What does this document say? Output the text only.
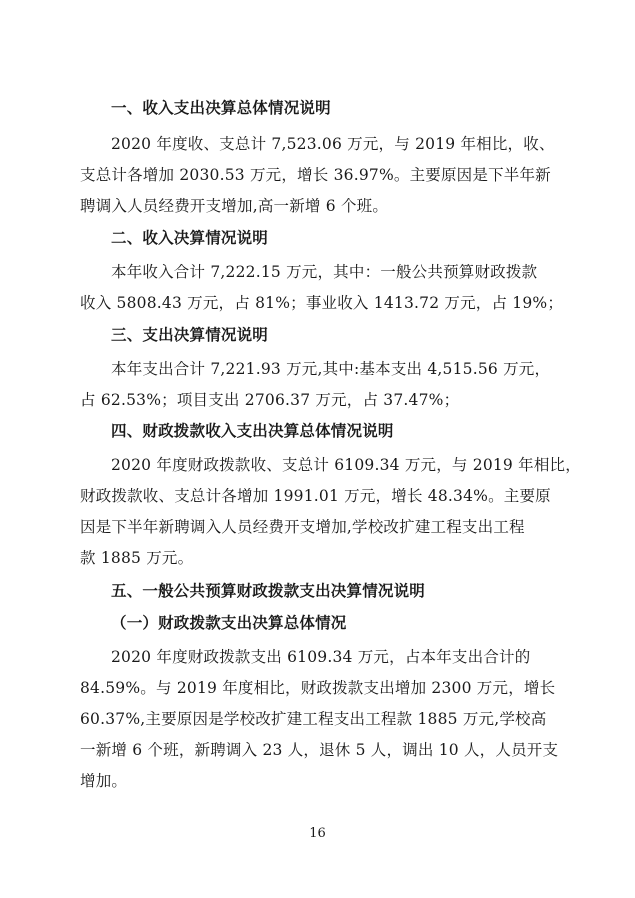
一、收入支出决算总体情况说明
2020 年度收、支总计 7,523.06 万元，与 2019 年相比，收、
支总计各增加 2030.53 万元，增长 36.97%。主要原因是下半年新
聘调入人员经费开支增加,高一新增 6 个班。
二、收入决算情况说明
本年收入合计 7,222.15 万元，其中：一般公共预算财政拨款
收入 5808.43 万元，占 81%；事业收入 1413.72 万元，占 19%；
三、支出决算情况说明
本年支出合计 7,221.93 万元,其中:基本支出 4,515.56 万元，
占 62.53%；项目支出 2706.37 万元，占 37.47%；
四、财政拨款收入支出决算总体情况说明
2020 年度财政拨款收、支总计 6109.34 万元，与 2019 年相比，
财政拨款收、支总计各增加 1991.01 万元，增长 48.34%。主要原
因是下半年新聘调入人员经费开支增加,学校改扩建工程支出工程
款 1885 万元。
五、一般公共预算财政拨款支出决算情况说明
（一）财政拨款支出决算总体情况
2020 年度财政拨款支出 6109.34 万元，占本年支出合计的
84.59%。与 2019 年度相比，财政拨款支出增加 2300 万元，增长
60.37%,主要原因是学校改扩建工程支出工程款 1885 万元,学校高
一新增 6 个班，新聘调入 23 人，退休 5 人，调出 10 人，人员开支
增加。
16
